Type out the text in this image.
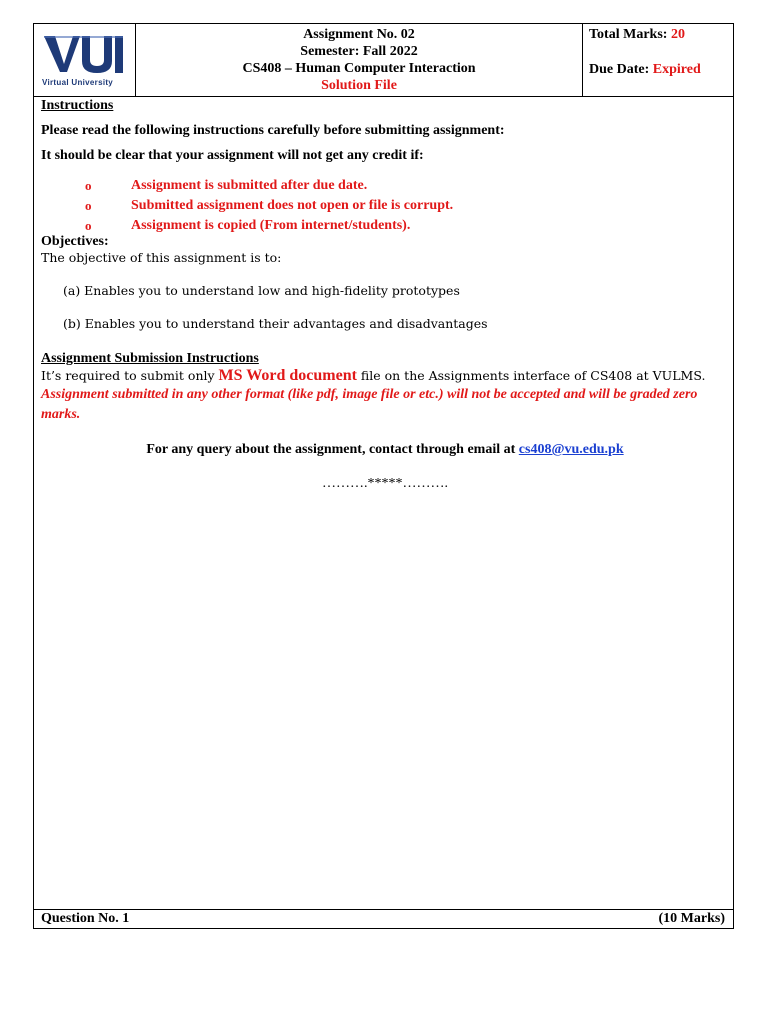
Virtual University
Assignment No. 02
Semester: Fall 2022
CS408 – Human Computer Interaction
Solution File
Total Marks: 20
Due Date: Expired
Instructions
Please read the following instructions carefully before submitting assignment:
It should be clear that your assignment will not get any credit if:
o	Assignment is submitted after due date.
o	Submitted assignment does not open or file is corrupt.
o	Assignment is copied (From internet/students).
Objectives:
The objective of this assignment is to:
(a) Enables you to understand low and high-fidelity prototypes
(b) Enables you to understand their advantages and disadvantages
Assignment Submission Instructions
It’s required to submit only MS Word document file on the Assignments interface of CS408 at VULMS.
Assignment submitted in any other format (like pdf, image file or etc.) will not be accepted and will be graded zero marks.
For any query about the assignment, contact through email at cs408@vu.edu.pk
……….*****……….
Question No. 1	(10 Marks)
